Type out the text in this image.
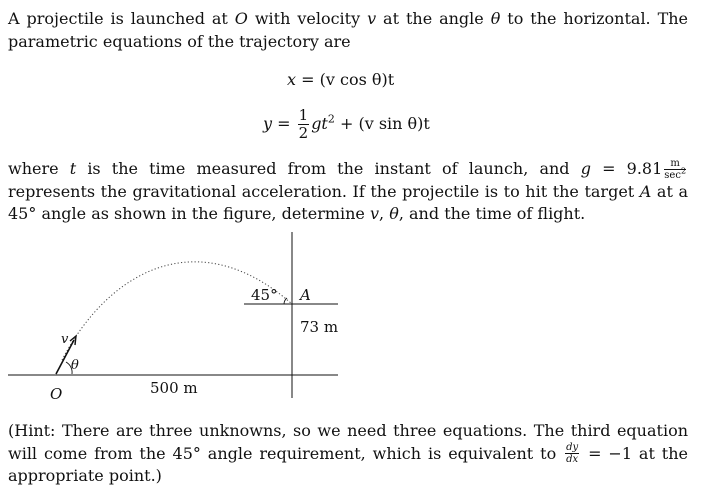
A projectile is launched at O with velocity v at the angle θ to the horizontal. The parametric equations of the trajectory are

x = (v cos θ)t
$y = \frac{1}{2} gt^2 + (v$ sin θ)t

where t is the time measured from the instant of launch, and $g = 9.81 \frac{m}{\sec^2}$
represents the gravitational acceleration. If the projectile is to hit the target A at a 45° angle as shown in the figure, determine v, θ, and the time of flight.

45° A
73 m
500 m
O
v
θ

(Hint: There are three unknowns, so we need three equations. The third equation will come from the 45° angle requirement, which is equivalent to $\frac{dy}{dx} = -1$ at the appropriate point.)
